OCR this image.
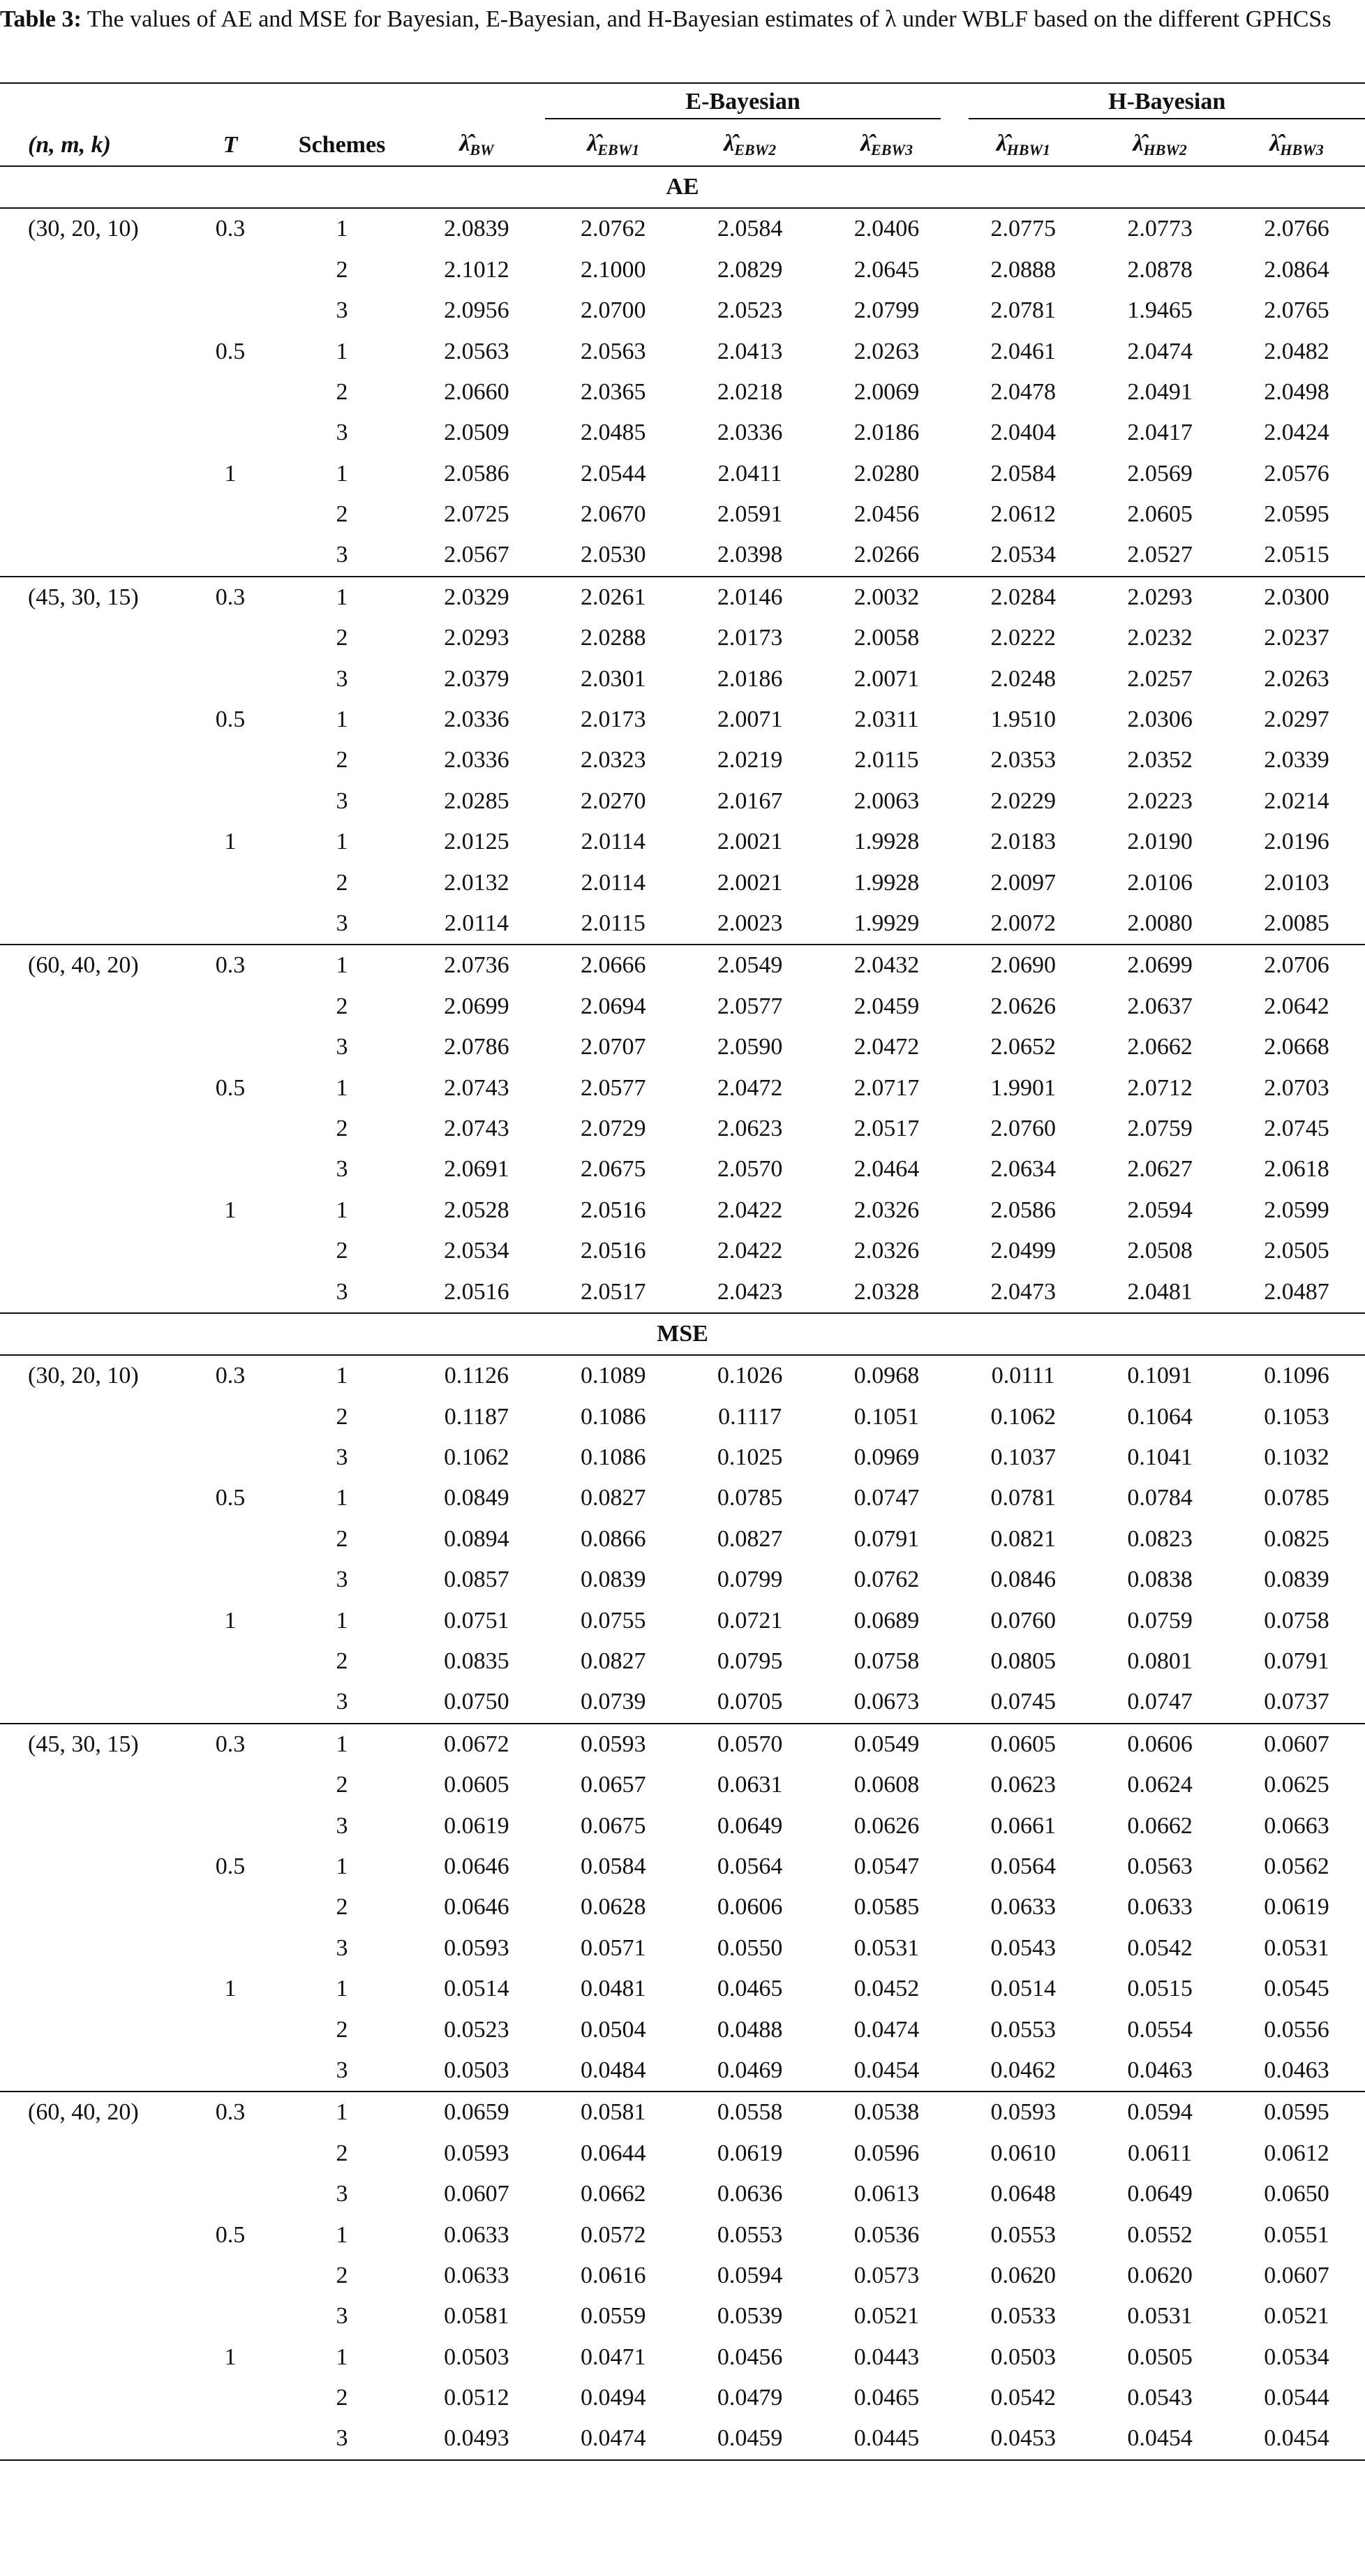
Table 3: The values of AE and MSE for Bayesian, E-Bayesian, and H-Bayesian estimates of λ under WBLF based on the different GPHCSs

				E-Bayesian			H-Bayesian		

(n, m, k)	T	Schemes	$\lambdâ_{BW}$	$\lambdâ_{EBW1}$	$\lambdâ_{EBW2}$	$\lambdâ_{EBW3}$	$\lambdâ_{HBW1}$	$\lambdâ_{HBW2}$	$\lambdâ_{HBW3}$
AE									
(30, 20, 10)	0.3	1	2.0839	2.0762	2.0584	2.0406	2.0775	2.0773	2.0766
		2	2.1012	2.1000	2.0829	2.0645	2.0888	2.0878	2.0864
		3	2.0956	2.0700	2.0523	2.0799	2.0781	1.9465	2.0765
	0.5	1	2.0563	2.0563	2.0413	2.0263	2.0461	2.0474	2.0482
		2	2.0660	2.0365	2.0218	2.0069	2.0478	2.0491	2.0498
		3	2.0509	2.0485	2.0336	2.0186	2.0404	2.0417	2.0424
	1	1	2.0586	2.0544	2.0411	2.0280	2.0584	2.0569	2.0576
		2	2.0725	2.0670	2.0591	2.0456	2.0612	2.0605	2.0595
		3	2.0567	2.0530	2.0398	2.0266	2.0534	2.0527	2.0515
(45, 30, 15)	0.3	1	2.0329	2.0261	2.0146	2.0032	2.0284	2.0293	2.0300
		2	2.0293	2.0288	2.0173	2.0058	2.0222	2.0232	2.0237
		3	2.0379	2.0301	2.0186	2.0071	2.0248	2.0257	2.0263
	0.5	1	2.0336	2.0173	2.0071	2.0311	1.9510	2.0306	2.0297
		2	2.0336	2.0323	2.0219	2.0115	2.0353	2.0352	2.0339
		3	2.0285	2.0270	2.0167	2.0063	2.0229	2.0223	2.0214
	1	1	2.0125	2.0114	2.0021	1.9928	2.0183	2.0190	2.0196
		2	2.0132	2.0114	2.0021	1.9928	2.0097	2.0106	2.0103
		3	2.0114	2.0115	2.0023	1.9929	2.0072	2.0080	2.0085
(60, 40, 20)	0.3	1	2.0736	2.0666	2.0549	2.0432	2.0690	2.0699	2.0706
		2	2.0699	2.0694	2.0577	2.0459	2.0626	2.0637	2.0642
		3	2.0786	2.0707	2.0590	2.0472	2.0652	2.0662	2.0668
	0.5	1	2.0743	2.0577	2.0472	2.0717	1.9901	2.0712	2.0703
		2	2.0743	2.0729	2.0623	2.0517	2.0760	2.0759	2.0745
		3	2.0691	2.0675	2.0570	2.0464	2.0634	2.0627	2.0618
	1	1	2.0528	2.0516	2.0422	2.0326	2.0586	2.0594	2.0599
		2	2.0534	2.0516	2.0422	2.0326	2.0499	2.0508	2.0505
		3	2.0516	2.0517	2.0423	2.0328	2.0473	2.0481	2.0487
MSE									
(30, 20, 10)	0.3	1	0.1126	0.1089	0.1026	0.0968	0.0111	0.1091	0.1096
		2	0.1187	0.1086	0.1117	0.1051	0.1062	0.1064	0.1053
		3	0.1062	0.1086	0.1025	0.0969	0.1037	0.1041	0.1032
	0.5	1	0.0849	0.0827	0.0785	0.0747	0.0781	0.0784	0.0785
		2	0.0894	0.0866	0.0827	0.0791	0.0821	0.0823	0.0825
		3	0.0857	0.0839	0.0799	0.0762	0.0846	0.0838	0.0839
	1	1	0.0751	0.0755	0.0721	0.0689	0.0760	0.0759	0.0758
		2	0.0835	0.0827	0.0795	0.0758	0.0805	0.0801	0.0791
		3	0.0750	0.0739	0.0705	0.0673	0.0745	0.0747	0.0737
(45, 30, 15)	0.3	1	0.0672	0.0593	0.0570	0.0549	0.0605	0.0606	0.0607
		2	0.0605	0.0657	0.0631	0.0608	0.0623	0.0624	0.0625
		3	0.0619	0.0675	0.0649	0.0626	0.0661	0.0662	0.0663
	0.5	1	0.0646	0.0584	0.0564	0.0547	0.0564	0.0563	0.0562
		2	0.0646	0.0628	0.0606	0.0585	0.0633	0.0633	0.0619
		3	0.0593	0.0571	0.0550	0.0531	0.0543	0.0542	0.0531
	1	1	0.0514	0.0481	0.0465	0.0452	0.0514	0.0515	0.0545
		2	0.0523	0.0504	0.0488	0.0474	0.0553	0.0554	0.0556
		3	0.0503	0.0484	0.0469	0.0454	0.0462	0.0463	0.0463
(60, 40, 20)	0.3	1	0.0659	0.0581	0.0558	0.0538	0.0593	0.0594	0.0595
		2	0.0593	0.0644	0.0619	0.0596	0.0610	0.0611	0.0612
		3	0.0607	0.0662	0.0636	0.0613	0.0648	0.0649	0.0650
	0.5	1	0.0633	0.0572	0.0553	0.0536	0.0553	0.0552	0.0551
		2	0.0633	0.0616	0.0594	0.0573	0.0620	0.0620	0.0607
		3	0.0581	0.0559	0.0539	0.0521	0.0533	0.0531	0.0521
	1	1	0.0503	0.0471	0.0456	0.0443	0.0503	0.0505	0.0534
		2	0.0512	0.0494	0.0479	0.0465	0.0542	0.0543	0.0544
		3	0.0493	0.0474	0.0459	0.0445	0.0453	0.0454	0.0454
